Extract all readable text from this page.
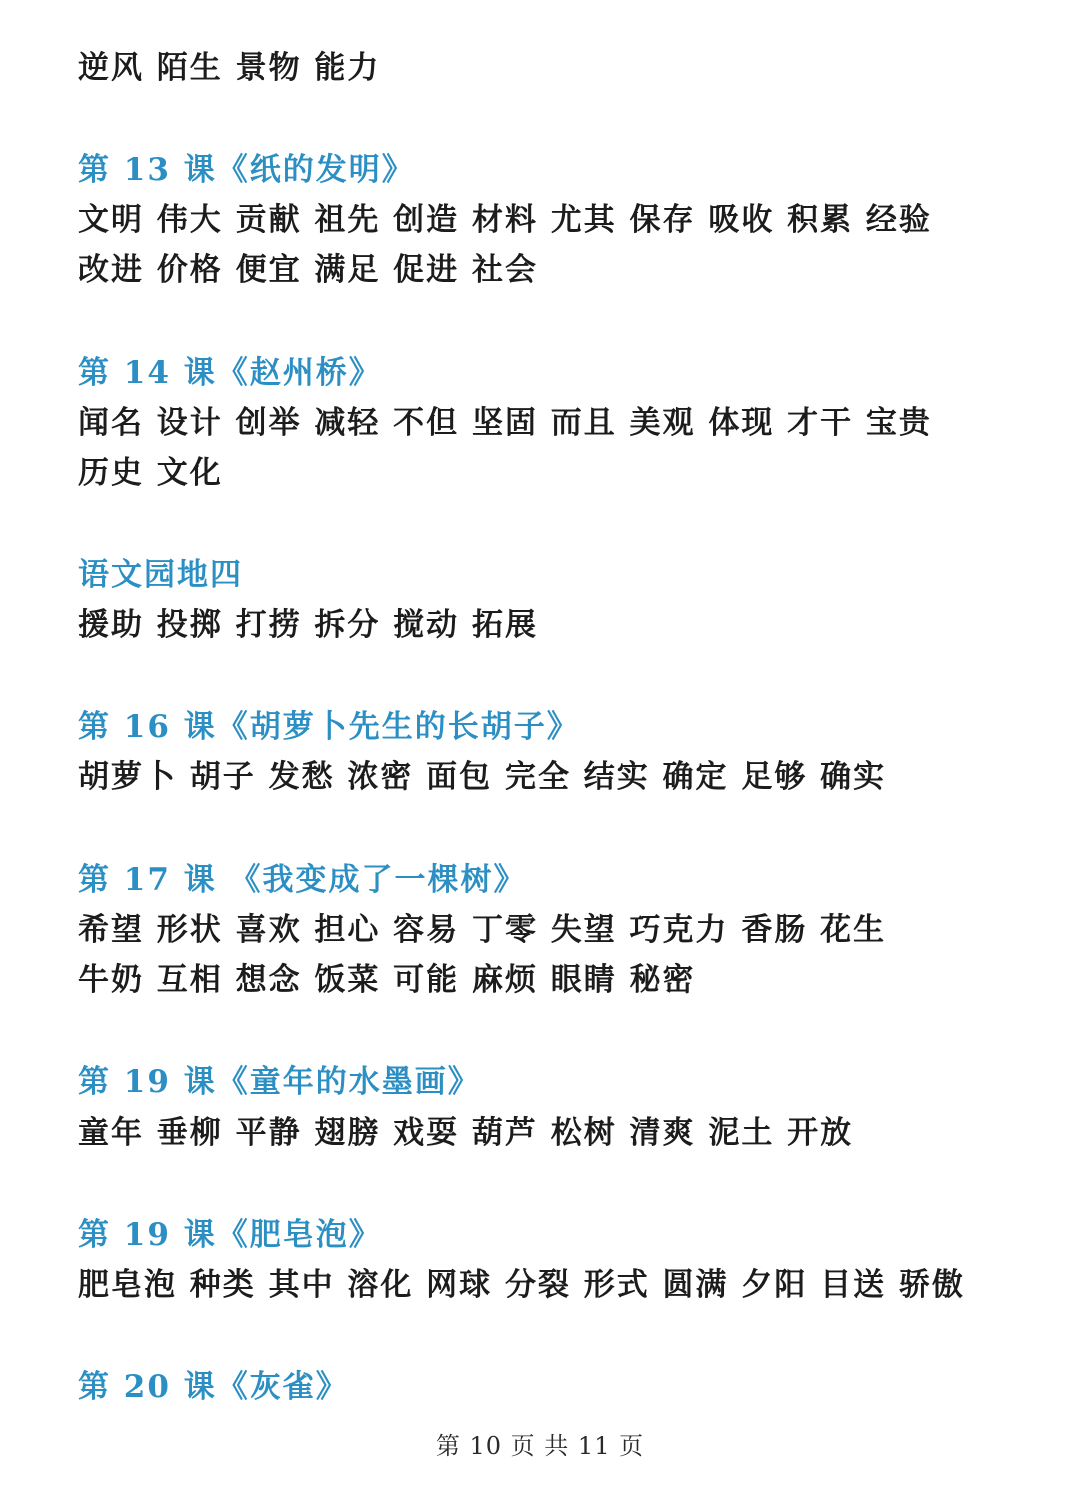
逆风 陌生 景物 能力
第 13 课《纸的发明》
文明 伟大 贡献 祖先 创造 材料 尤其 保存 吸收 积累 经验
改进 价格 便宜 满足 促进 社会
第 14 课《赵州桥》
闻名 设计 创举 减轻 不但 坚固 而且 美观 体现 才干 宝贵
历史 文化
语文园地四
援助 投掷 打捞 拆分 搅动 拓展
第 16 课《胡萝卜先生的长胡子》
胡萝卜 胡子 发愁 浓密 面包 完全 结实 确定 足够 确实
第 17 课 《我变成了一棵树》
希望 形状 喜欢 担心 容易 丁零 失望 巧克力 香肠 花生
牛奶 互相 想念 饭菜 可能 麻烦 眼睛 秘密
第 19 课《童年的水墨画》
童年 垂柳 平静 翅膀 戏耍 葫芦 松树 清爽 泥土 开放
第 19 课《肥皂泡》
肥皂泡 种类 其中 溶化 网球 分裂 形式 圆满 夕阳 目送 骄傲
第 20 课《灰雀》
第 10 页 共 11 页
